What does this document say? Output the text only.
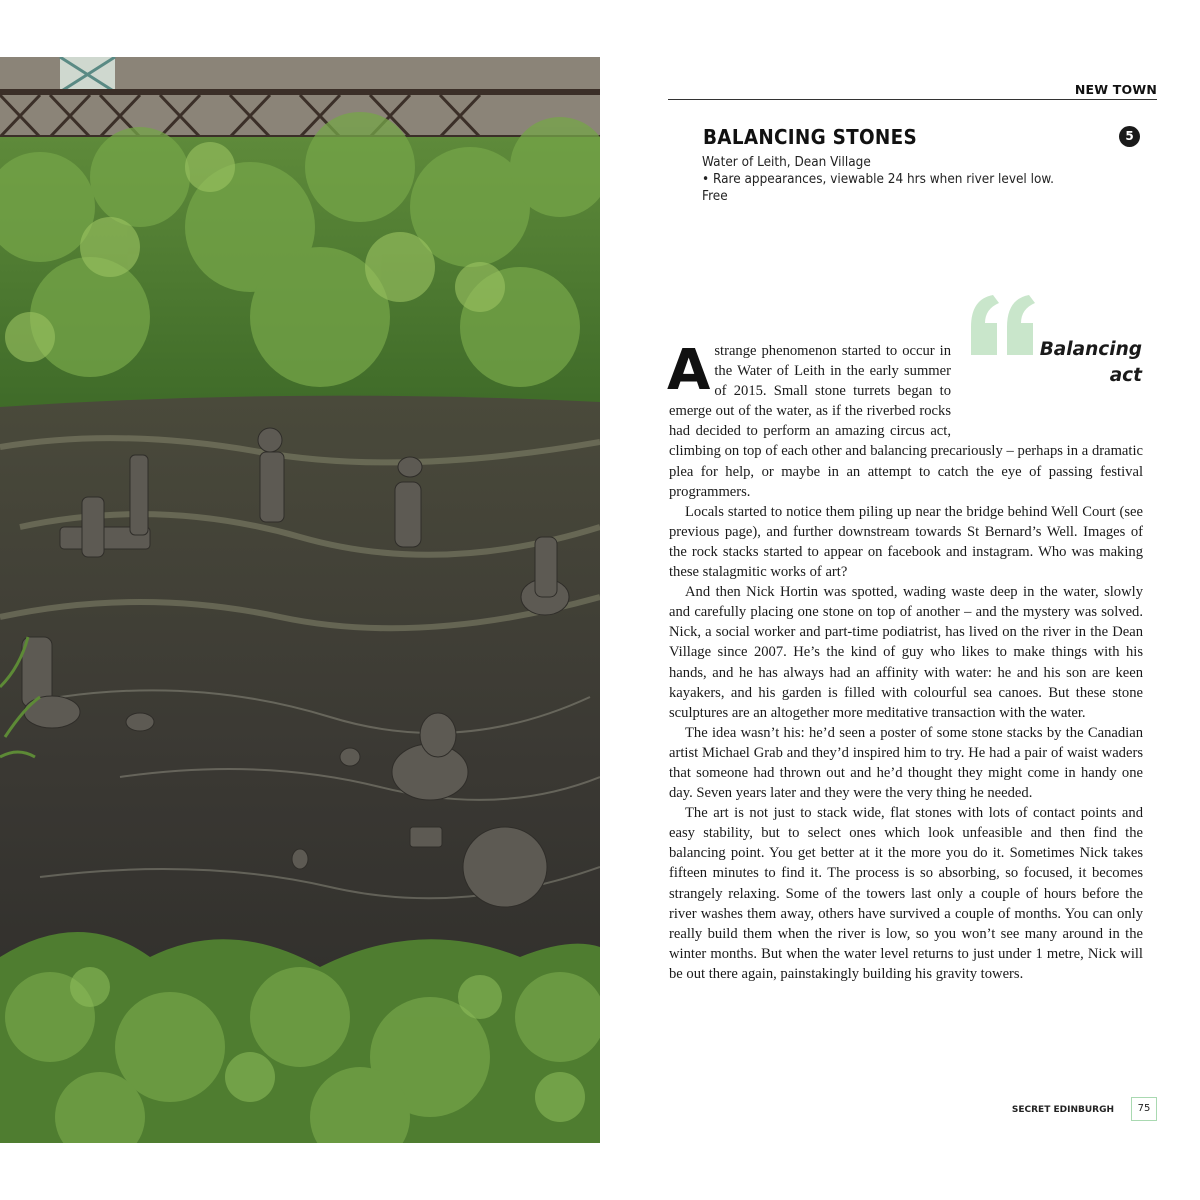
NEW TOWN
BALANCING STONES	5
Water of Leith, Dean Village
• Rare appearances, viewable 24 hrs when river level low. Free
Balancing
act

Astrange phenomenon started to occur in the Water of Leith in the early summer of 2015. Small stone turrets began to emerge out of the water, as if the riverbed rocks had decided to perform an amazing circus act, climbing on top of each other and balancing precariously – perhaps in a dramatic plea for help, or maybe in an attempt to catch the eye of passing festival programmers.

Locals started to notice them piling up near the bridge behind Well Court (see previous page), and further downstream towards St Bernard’s Well. Images of the rock stacks started to appear on facebook and instagram. Who was making these stalagmitic works of art?

And then Nick Hortin was spotted, wading waste deep in the water, slowly and carefully placing one stone on top of another – and the mystery was solved. Nick, a social worker and part-time podiatrist, has lived on the river in the Dean Village since 2007. He’s the kind of guy who likes to make things with his hands, and he has always had an affinity with water: he and his son are keen kayakers, and his garden is filled with colourful sea canoes. But these stone sculptures are an altogether more meditative transaction with the water.

The idea wasn’t his: he’d seen a poster of some stone stacks by the Canadian artist Michael Grab and they’d inspired him to try. He had a pair of waist waders that someone had thrown out and he’d thought they might come in handy one day. Seven years later and they were the very thing he needed.

The art is not just to stack wide, flat stones with lots of contact points and easy stability, but to select ones which look unfeasible and then find the balancing point. You get better at it the more you do it. Sometimes Nick takes fifteen minutes to find it. The process is so absorbing, so focused, it becomes strangely relaxing. Some of the towers last only a couple of hours before the river washes them away, others have survived a couple of months. You can only really build them when the river is low, so you won’t see many around in the winter months. But when the water level returns to just under 1 metre, Nick will be out there again, painstakingly building his gravity towers.

SECRET EDINBURGH	75
